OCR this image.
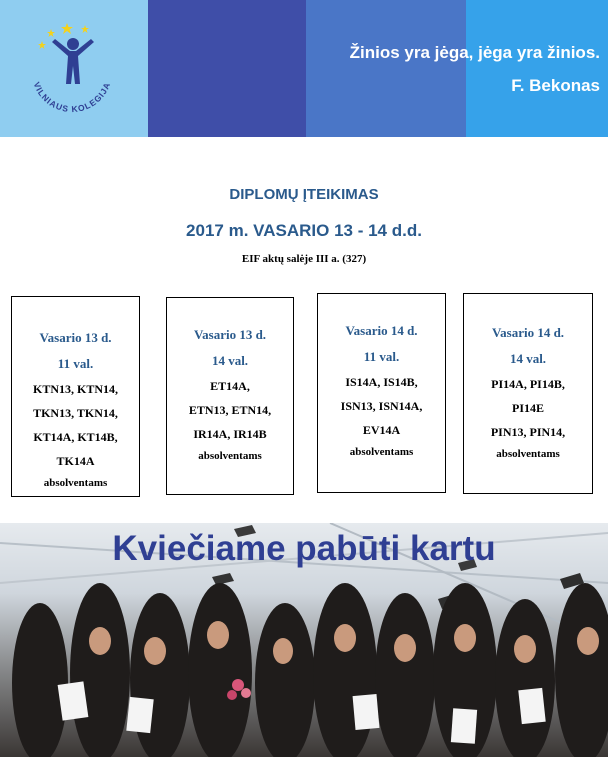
VILNIAUS KOLEGIJA
Žinios yra jėga, jėga yra žinios.
F. Bekonas
DIPLOMŲ ĮTEIKIMAS
2017 m. VASARIO 13 - 14 d.d.
EIF aktų salėje III a. (327)
Vasario 13 d.
11 val.
KTN13, KTN14,
TKN13, TKN14,
KT14A, KT14B,
TK14A
absolventams
Vasario 13 d.
14 val.
ET14A,
ETN13, ETN14,
IR14A, IR14B
absolventams
Vasario 14 d.
11 val.
IS14A, IS14B,
ISN13, ISN14A,
EV14A
absolventams
Vasario 14 d.
14 val.
PI14A, PI14B,
PI14E
PIN13, PIN14,
absolventams
Kviečiame pabūti kartu
